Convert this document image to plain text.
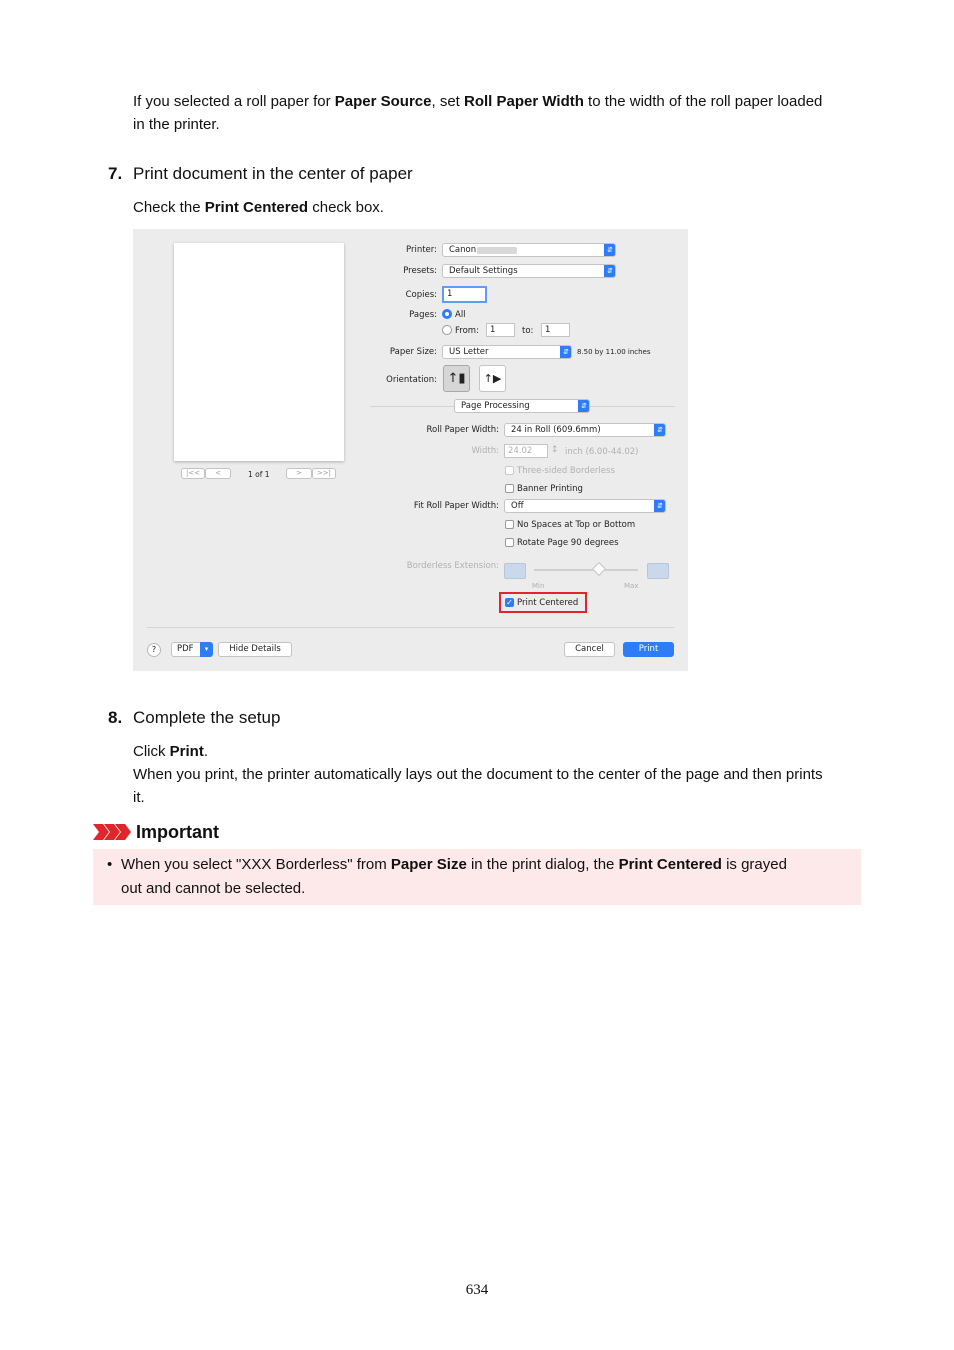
If you selected a roll paper for Paper Source, set Roll Paper Width to the width of the roll paper loaded
in the printer.
7. Print document in the center of paper
Check the Print Centered check box.
|<<	<	1 of 1	>	>>|
Printer:	Canon	⇵
Presets:	Default Settings	⇵
Copies:	1
Pages: All
From:	1	to:	1
Paper Size:	US Letter	⇵	8.50 by 11.00 inches
Orientation: ↑▮	↑▶
Page Processing	⇵
Roll Paper Width:	24 in Roll (609.6mm)	⇵
Width:	24.02	↕ inch (6.00-44.02)
Three-sided Borderless
Banner Printing
Fit Roll Paper Width:	Off	⇵
No Spaces at Top or Bottom
Rotate Page 90 degrees
Borderless Extension:
Min	Max
✓ Print Centered
?	PDF	▾	Hide Details	Cancel	Print
8. Complete the setup
Click Print.
When you print, the printer automatically lays out the document to the center of the page and then prints
it.
Important
• When you select "XXX Borderless" from Paper Size in the print dialog, the Print Centered is grayed
out and cannot be selected.
634
